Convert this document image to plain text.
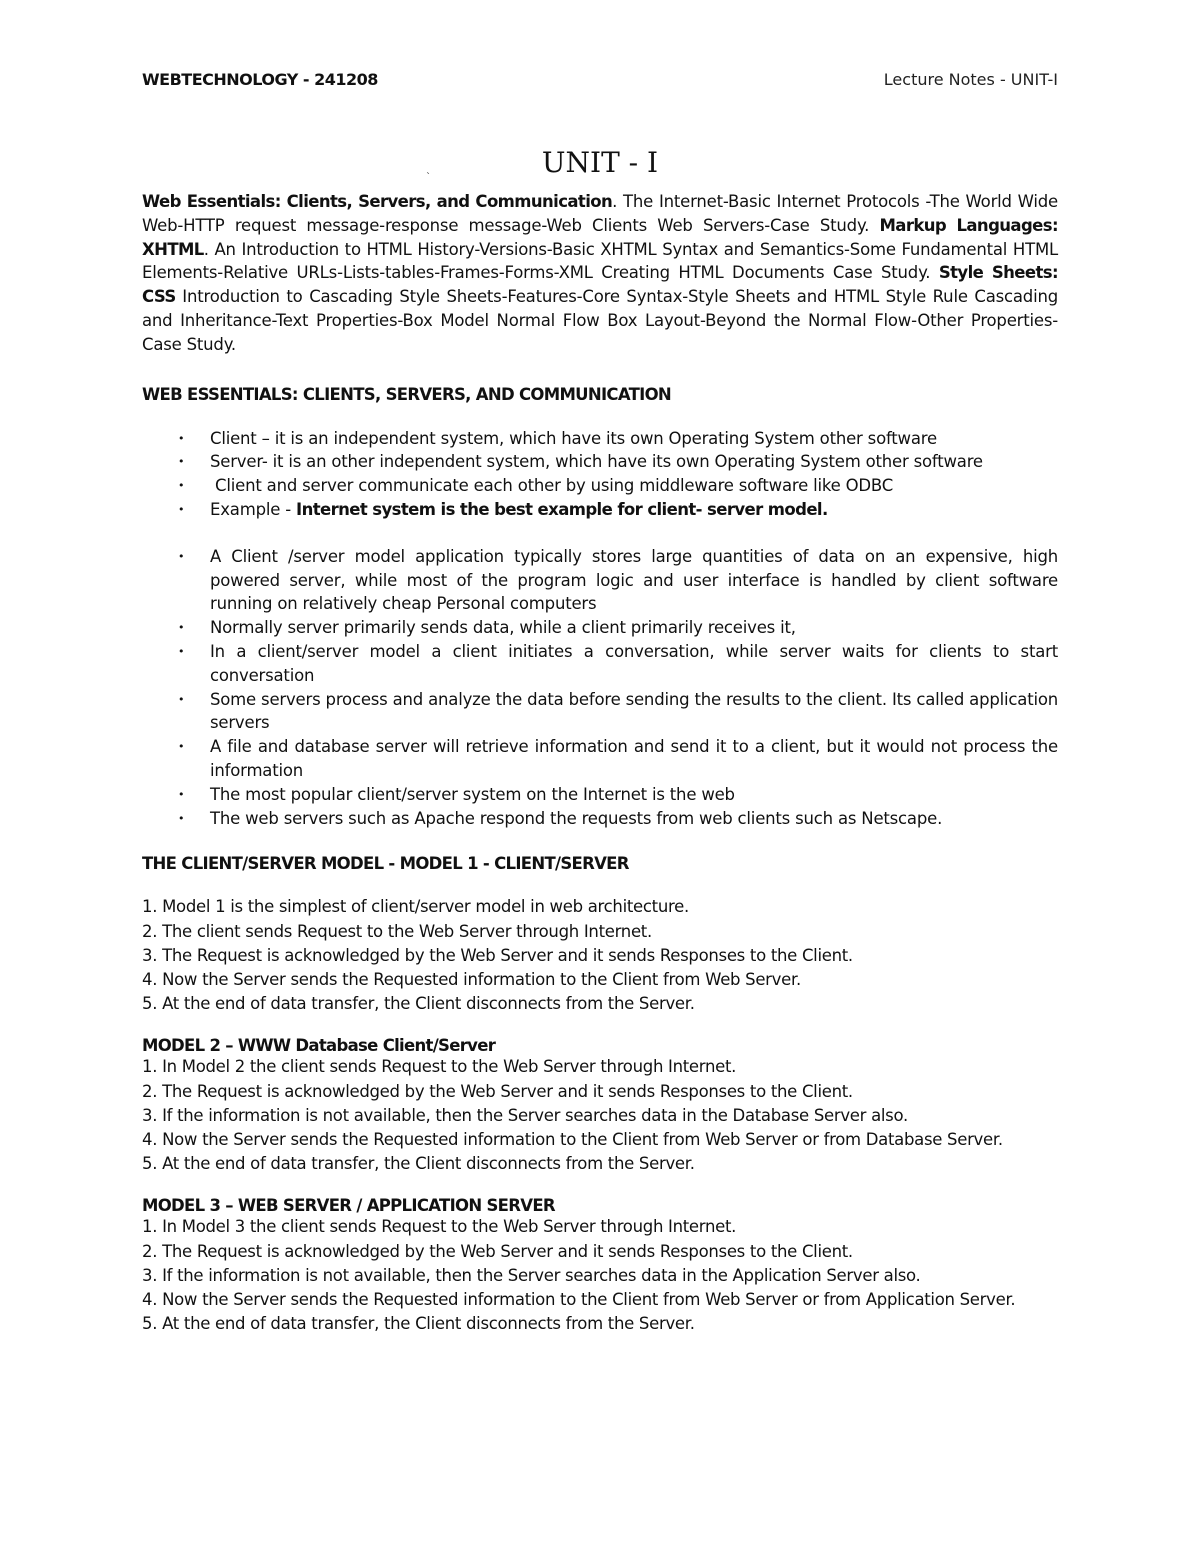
WEBTECHNOLOGY - 241208	Lecture Notes - UNIT-I
UNIT - I
`

Web Essentials: Clients, Servers, and Communication. The Internet-Basic Internet Protocols -The World Wide Web-HTTP request message-response message-Web Clients Web Servers-Case Study. Markup Languages: XHTML. An Introduction to HTML History-Versions-Basic XHTML Syntax and Semantics-Some Fundamental HTML Elements-Relative URLs-Lists-tables-Frames-Forms-XML Creating HTML Documents Case Study. Style Sheets: CSS Introduction to Cascading Style Sheets-Features-Core Syntax-Style Sheets and HTML Style Rule Cascading and Inheritance-Text Properties-Box Model Normal Flow Box Layout-Beyond the Normal Flow-Other Properties-Case Study.

WEB ESSENTIALS: CLIENTS, SERVERS, AND COMMUNICATION
• Client – it is an independent system, which have its own Operating System other software
• Server- it is an other independent system, which have its own Operating System other software
• Client and server communicate each other by using middleware software like ODBC
• Example - Internet system is the best example for client- server model.
• A Client /server model application typically stores large quantities of data on an expensive, high powered server, while most of the program logic and user interface is handled by client software running on relatively cheap Personal computers
• Normally server primarily sends data, while a client primarily receives it,
• In a client/server model a client initiates a conversation, while server waits for clients to start conversation
• Some servers process and analyze the data before sending the results to the client. Its called application servers
• A file and database server will retrieve information and send it to a client, but it would not process the information
• The most popular client/server system on the Internet is the web
• The web servers such as Apache respond the requests from web clients such as Netscape.
THE CLIENT/SERVER MODEL - MODEL 1 - CLIENT/SERVER
1. Model 1 is the simplest of client/server model in web architecture.
2. The client sends Request to the Web Server through Internet.
3. The Request is acknowledged by the Web Server and it sends Responses to the Client.
4. Now the Server sends the Requested information to the Client from Web Server.
5. At the end of data transfer, the Client disconnects from the Server.
MODEL 2 – WWW Database Client/Server
1. In Model 2 the client sends Request to the Web Server through Internet.
2. The Request is acknowledged by the Web Server and it sends Responses to the Client.
3. If the information is not available, then the Server searches data in the Database Server also.
4. Now the Server sends the Requested information to the Client from Web Server or from Database Server.
5. At the end of data transfer, the Client disconnects from the Server.
MODEL 3 – WEB SERVER / APPLICATION SERVER
1. In Model 3 the client sends Request to the Web Server through Internet.
2. The Request is acknowledged by the Web Server and it sends Responses to the Client.
3. If the information is not available, then the Server searches data in the Application Server also.
4. Now the Server sends the Requested information to the Client from Web Server or from Application Server.
5. At the end of data transfer, the Client disconnects from the Server.
